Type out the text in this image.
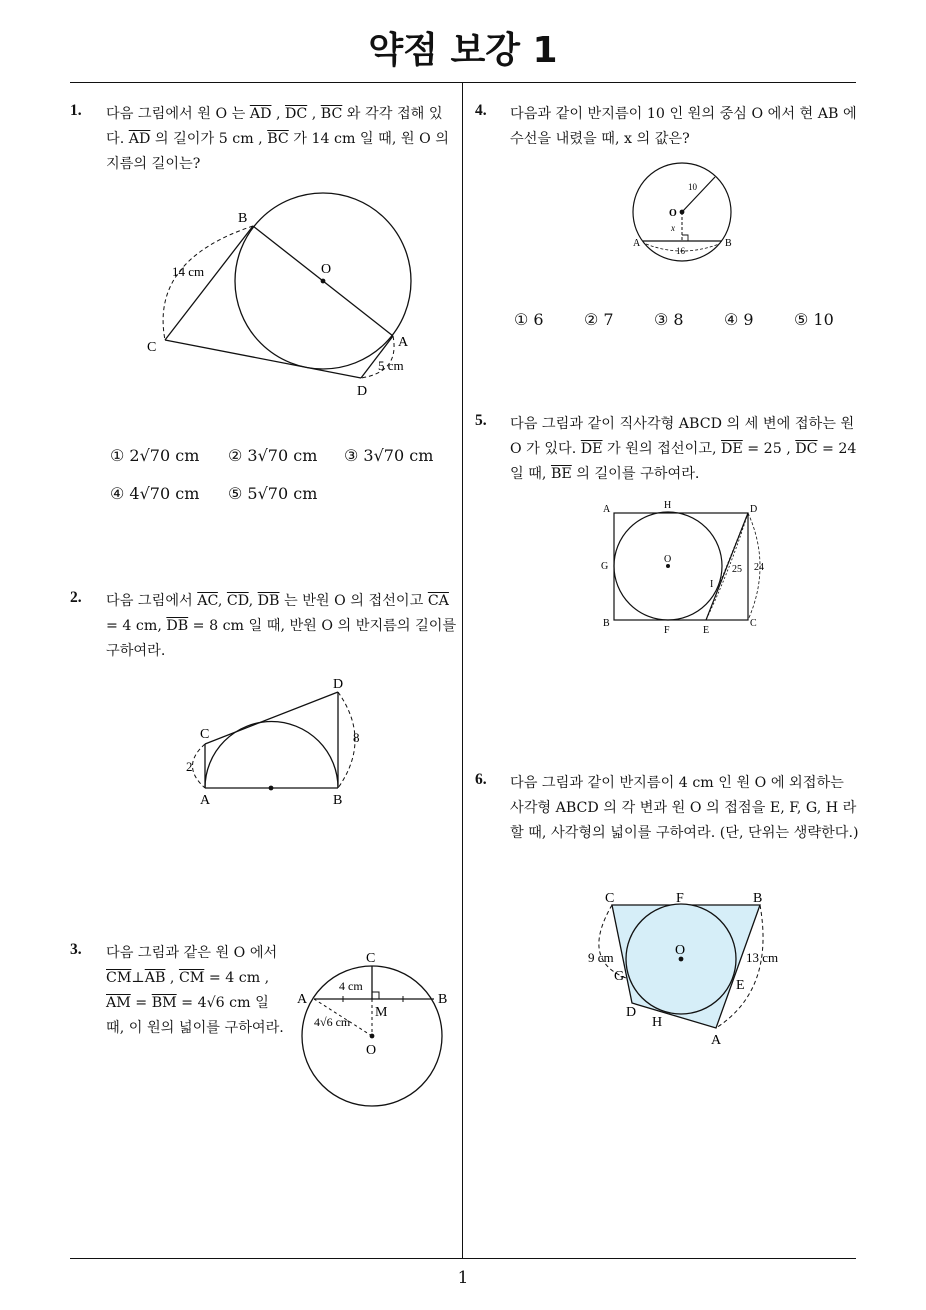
약점 보강 1
1
1. 다음 그림에서 원 O 는 $\overline{AD}$ , $\overline{DC}$ , $\overline{BC}$ 와 각각 접해 있다. $\overline{AD}$ 의 길이가 5 cm , $\overline{BC}$ 가 14 cm 일 때, 원 O 의 지름의 길이는?
B
O
C	A
D
14 cm
5 cm
① 2√70 cm ② 3√70 cm ③ 3√70 cm
④ 4√70 cm ⑤ 5√70 cm
2. 다음 그림에서 $\overline{AC}$, $\overline{CD}$, $\overline{DB}$ 는 반원 O 의 접선이고 $\overline{CA} = 4$ cm, $\overline{DB} = 8$ cm 일 때, 반원 O 의 반지름의 길이를 구하여라.
C
D
A	B
2
8
3. 다음 그림과 같은 원 O 에서 $\overline{CM}\perp\overline{AB}$ , $\overline{CM} = 4$ cm , $\overline{AM} = \overline{BM} = 4√6$ cm 일 때, 이 원의 넓이를 구하여라.
C
A	B
M
O
4 cm
4√6 cm
4. 다음과 같이 반지름이 10 인 원의 중심 O 에서 현 AB 에 수선을 내렸을 때, x 의 값은?
O
A	B
10
x
16
① 6	② 7	③ 8	④ 9	⑤ 10
5. 다음 그림과 같이 직사각형 ABCD 의 세 변에 접하는 원 O 가 있다. $\overline{DE}$ 가 원의 접선이고, $\overline{DE} = 25$ , $\overline{DC} = 24$ 일 때, $\overline{BE}$ 의 길이를 구하여라.
A	H	D
G
O
I
B
F	E
C
25 24
6. 다음 그림과 같이 반지름이 4 cm 인 원 O 에 외접하는 사각형 ABCD 의 각 변과 원 O 의 접점을 E, F, G, H 라 할 때, 사각형의 넓이를 구하여라. (단, 단위는 생략한다.)
C	F	B
O
G
E
D
H
A
9 cm	13 cm
